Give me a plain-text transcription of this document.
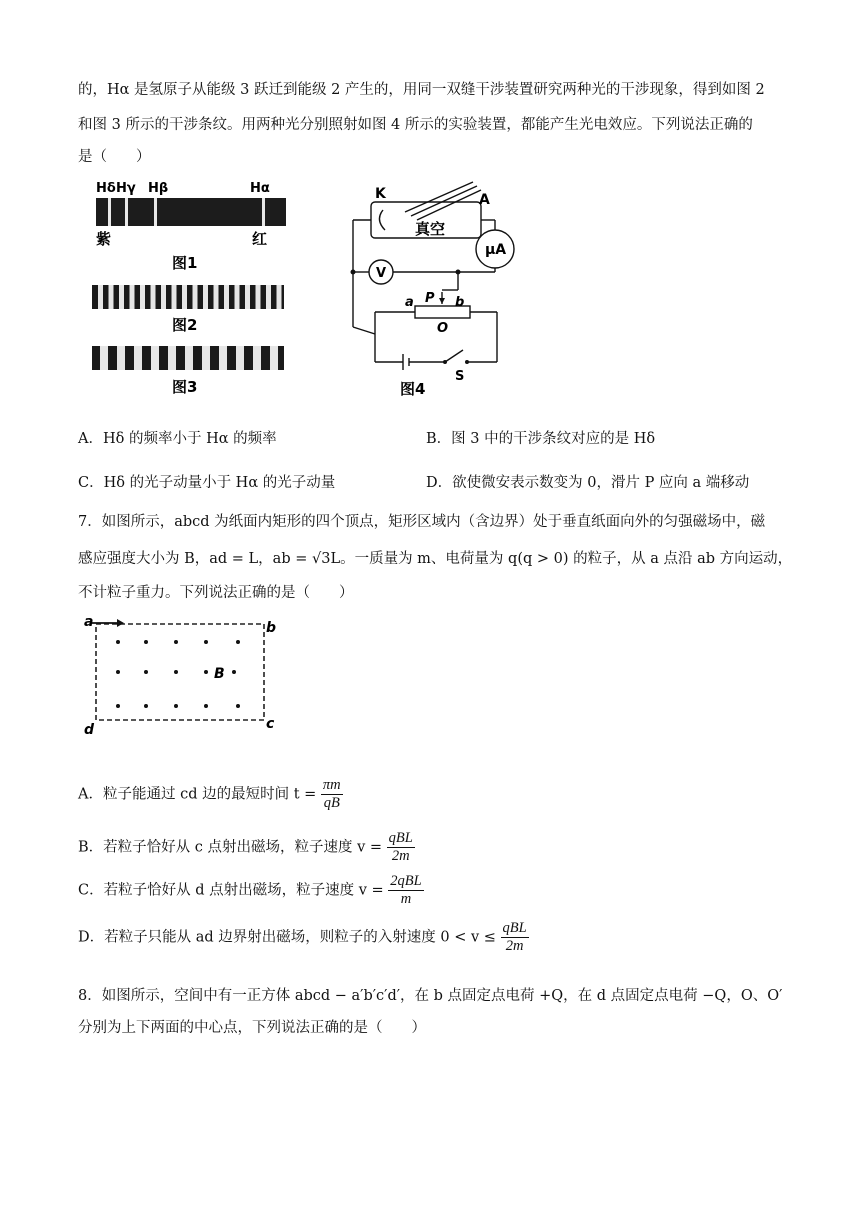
的，Hα 是氢原子从能级 3 跃迁到能级 2 产生的，用同一双缝干涉装置研究两种光的干涉现象，得到如图 2
和图 3 所示的干涉条纹。用两种光分别照射如图 4 所示的实验装置，都能产生光电效应。下列说法正确的
是（　　）
Hδ Hγ Hβ	Hα
紫	红
图1
图2
图3
K	A
真空
μA
V
a P b
O
S
图4
A．Hδ 的频率小于 Hα 的频率	B．图 3 中的干涉条纹对应的是 Hδ
C．Hδ 的光子动量小于 Hα 的光子动量	D．欲使微安表示数变为 0，滑片 P 应向 a 端移动
7．如图所示，abcd 为纸面内矩形的四个顶点，矩形区域内（含边界）处于垂直纸面向外的匀强磁场中，磁
感应强度大小为 B，ad = L，ab = √3L。一质量为 m、电荷量为 q(q > 0) 的粒子，从 a 点沿 ab 方向运动，
不计粒子重力。下列说法正确的是（　　）
a	b
c
d
B
A．粒子能通过 cd 边的最短时间 $t = \frac{\pi m}{qB}$
B．若粒子恰好从 c 点射出磁场，粒子速度 $v = \frac{\text{qBL}}{2m}$
C．若粒子恰好从 d 点射出磁场，粒子速度 $v = \frac{\text{2qBL}}{m}$
D．若粒子只能从 ad 边界射出磁场，则粒子的入射速度 $0 < v \le \frac{\text{qBL}}{2m}$
8．如图所示，空间中有一正方体 abcd − a′b′c′d′，在 b 点固定点电荷 +Q，在 d 点固定点电荷 −Q，O、O′
分别为上下两面的中心点，下列说法正确的是（　　）
